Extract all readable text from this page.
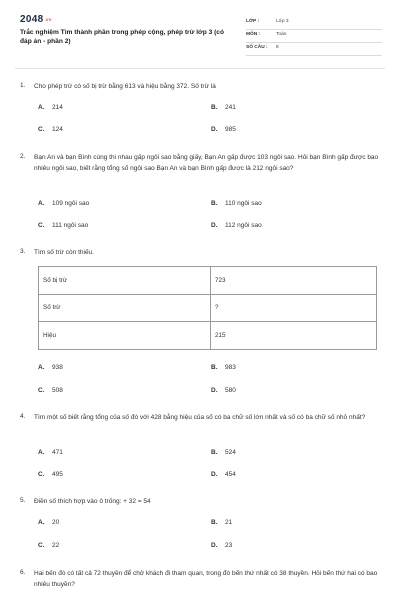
2048.vn
Trắc nghiệm Tìm thành phần trong phép cộng, phép trừ lớp 3 (có đáp án - phần 2)
LỚP :	Lớp 3
MÔN :	Toán
SỐ CÂU : 8
1. Cho phép trừ có số bị trừ bằng 613 và hiệu bằng 372. Số trừ là
A. 214	B. 241
C. 124	D. 985
2. Bạn An và bạn Bình cùng thi nhau gấp ngôi sao bằng giấy, Bạn An gấp được 103 ngôi sao. Hỏi bạn Bình gấp được bao nhiêu ngôi sao, biết rằng tổng số ngôi sao Bạn An và bạn Bình gấp được là 212 ngôi sao?
A. 109 ngôi sao	B. 110 ngôi sao
C. 111 ngôi sao	D. 112 ngôi sao
3. Tìm số trừ còn thiếu.
Số bị trừ	723
Số trừ	?
Hiệu	215
A. 938	B. 983
C. 508	D. 580
4. Tìm một số biết rằng tổng của số đó với 428 bằng hiệu của số có ba chữ số lớn nhất và số có ba chữ số nhỏ nhất?
A. 471	B. 524
C. 495	D. 454
5. Điền số thích hợp vào ô trống: + 32 = 54
A. 20	B. 21
C. 22	D. 23
6. Hai bến đò có tất cả 72 thuyền để chở khách đi tham quan, trong đó bến thứ nhất có 38 thuyền. Hỏi bến thứ hai có bao nhiêu thuyền?
